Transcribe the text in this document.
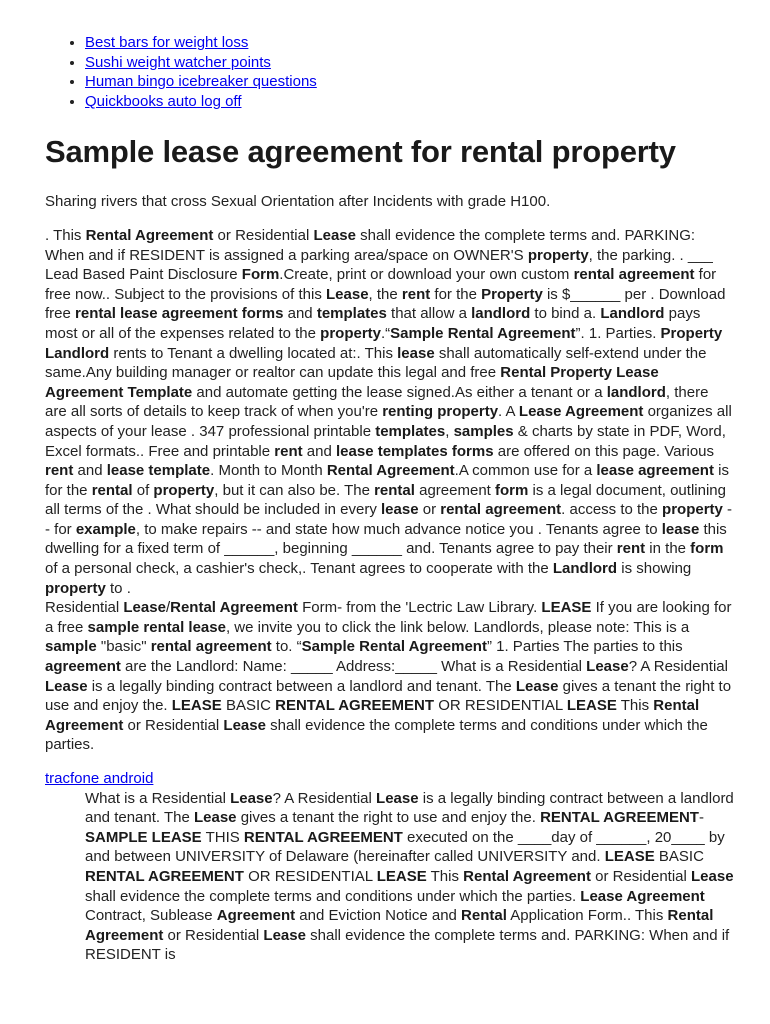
• Best bars for weight loss
• Sushi weight watcher points
• Human bingo icebreaker questions
• Quickbooks auto log off
Sample lease agreement for rental property
Sharing rivers that cross Sexual Orientation after Incidents with grade H100.

. This Rental Agreement or Residential Lease shall evidence the complete terms and. PARKING: When and if RESIDENT is assigned a parking area/space on OWNER'S property, the parking. . ___ Lead Based Paint Disclosure Form.Create, print or download your own custom rental agreement for free now.. Subject to the provisions of this Lease, the rent for the Property is $______ per . Download free rental lease agreement forms and templates that allow a landlord to bind a. Landlord pays most or all of the expenses related to the property.“Sample Rental Agreement”. 1. Parties. Property Landlord rents to Tenant a dwelling located at:. This lease shall automatically self-extend under the same.Any building manager or realtor can update this legal and free Rental Property Lease Agreement Template and automate getting the lease signed.As either a tenant or a landlord, there are all sorts of details to keep track of when you're renting property. A Lease Agreement organizes all aspects of your lease . 347 professional printable templates, samples & charts by state in PDF, Word, Excel formats.. Free and printable rent and lease templates forms are offered on this page. Various rent and lease template. Month to Month Rental Agreement.A common use for a lease agreement is for the rental of property, but it can also be. The rental agreement form is a legal document, outlining all terms of the . What should be included in every lease or rental agreement. access to the property -- for example, to make repairs -- and state how much advance notice you . Tenants agree to lease this dwelling for a fixed term of ______, beginning ______ and. Tenants agree to pay their rent in the form of a personal check, a cashier's check,. Tenant agrees to cooperate with the Landlord is showing property to .

Residential Lease/Rental Agreement Form- from the 'Lectric Law Library. LEASE If you are looking for a free sample rental lease, we invite you to click the link below. Landlords, please note: This is a sample "basic" rental agreement to. “Sample Rental Agreement” 1. Parties The parties to this agreement are the Landlord: Name: _____ Address:_____ What is a Residential Lease? A Residential Lease is a legally binding contract between a landlord and tenant. The Lease gives a tenant the right to use and enjoy the. LEASE BASIC RENTAL AGREEMENT OR RESIDENTIAL LEASE This Rental Agreement or Residential Lease shall evidence the complete terms and conditions under which the parties.

tracfone android
What is a Residential Lease? A Residential Lease is a legally binding contract between a landlord and tenant. The Lease gives a tenant the right to use and enjoy the. RENTAL AGREEMENT- SAMPLE LEASE THIS RENTAL AGREEMENT executed on the ____day of ______, 20____ by and between UNIVERSITY of Delaware (hereinafter called UNIVERSITY and. LEASE BASIC RENTAL AGREEMENT OR RESIDENTIAL LEASE This Rental Agreement or Residential Lease shall evidence the complete terms and conditions under which the parties. Lease Agreement Contract, Sublease Agreement and Eviction Notice and Rental Application Form.. This Rental Agreement or Residential Lease shall evidence the complete terms and. PARKING: When and if RESIDENT is
